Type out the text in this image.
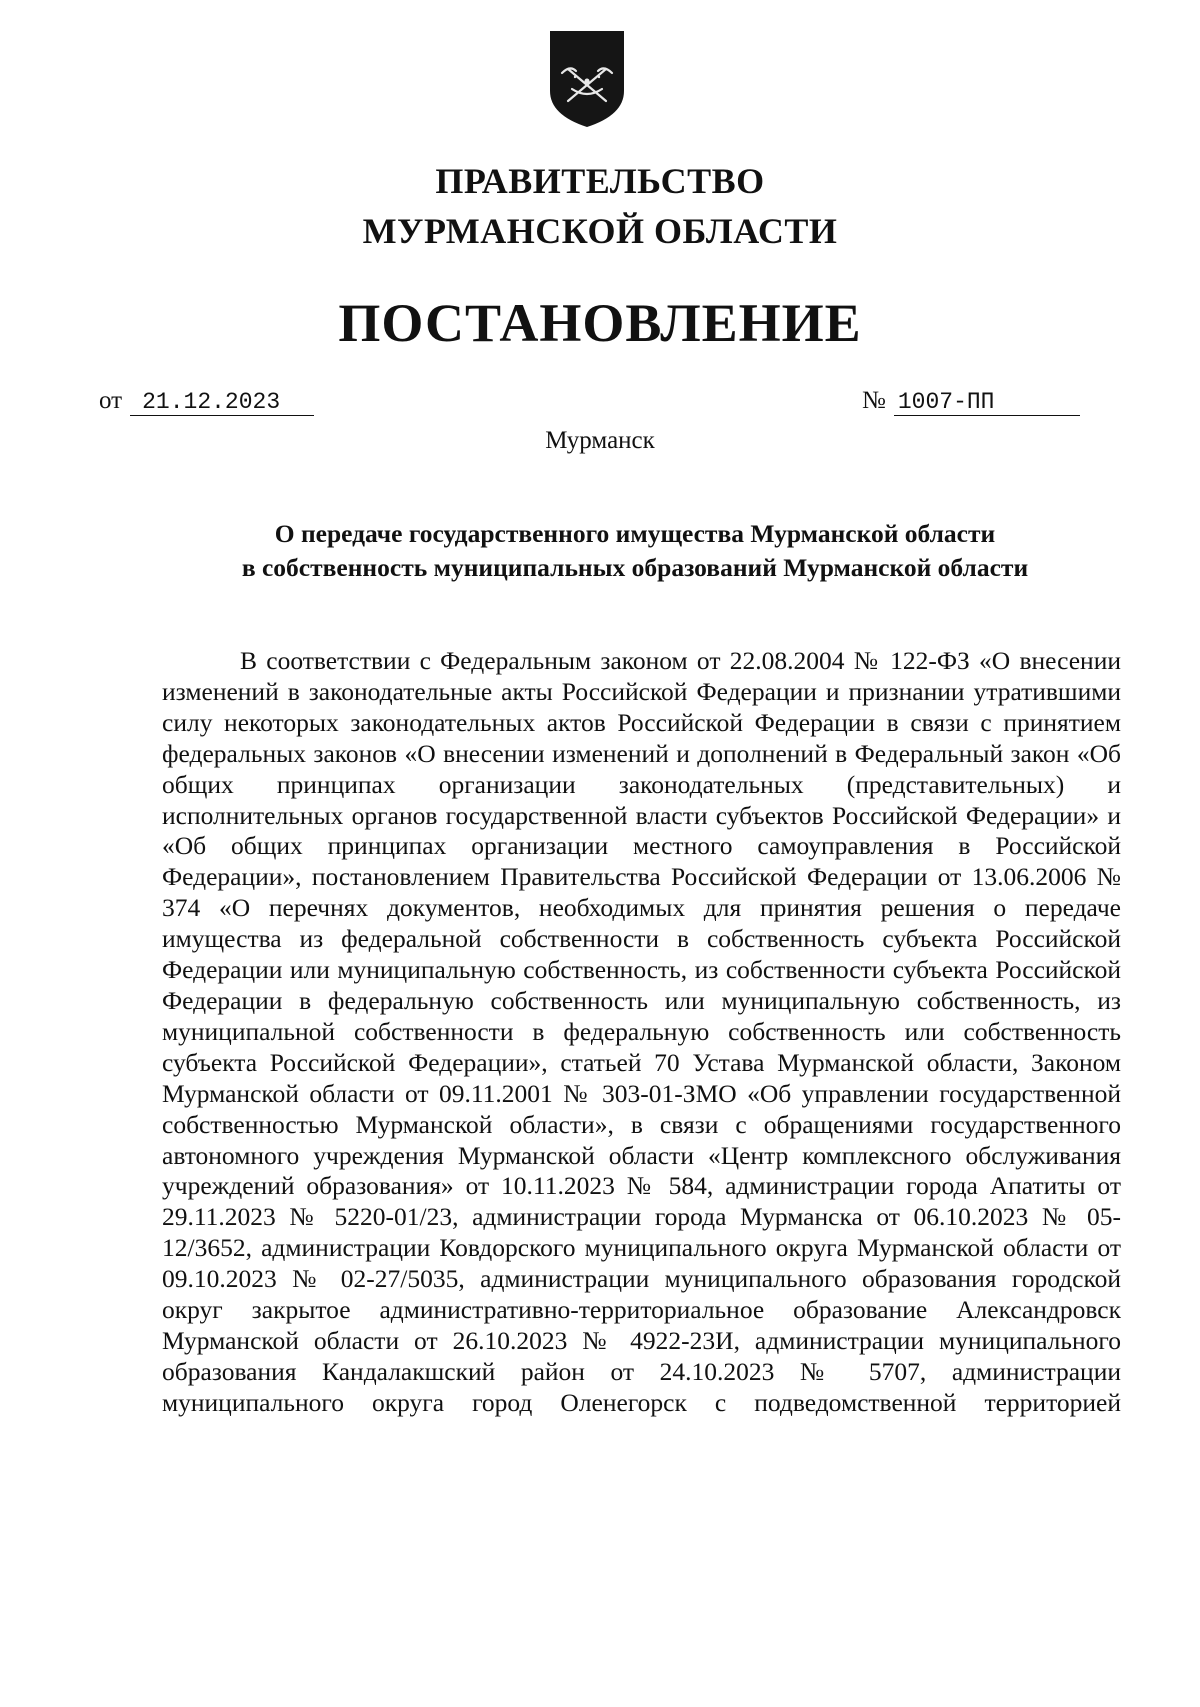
ПРАВИТЕЛЬСТВО
МУРМАНСКОЙ ОБЛАСТИ
ПОСТАНОВЛЕНИЕ
от 21.12.2023	№ 1007-ПП
Мурманск
О передаче государственного имущества Мурманской области
в собственность муниципальных образований Мурманской области

В соответствии с Федеральным законом от 22.08.2004 № 122-ФЗ «О внесении изменений в законодательные акты Российской Федерации и признании утратившими силу некоторых законодательных актов Российской Федерации в связи с принятием федеральных законов «О внесении изменений и дополнений в Федеральный закон «Об общих принципах организации законодательных (представительных) и исполнительных органов государственной власти субъектов Российской Федерации» и «Об общих принципах организации местного самоуправления в Российской Федерации», постановлением Правительства Российской Федерации от 13.06.2006 № 374 «О перечнях документов, необходимых для принятия решения о передаче имущества из федеральной собственности в собственность субъекта Российской Федерации или муниципальную собственность, из собственности субъекта Российской Федерации в федеральную собственность или муниципальную собственность, из муниципальной собственности в федеральную собственность или собственность субъекта Российской Федерации», статьей 70 Устава Мурманской области, Законом Мурманской области от 09.11.2001 № 303-01-ЗМО «Об управлении государственной собственностью Мурманской области», в связи с обращениями государственного автономного учреждения Мурманской области «Центр комплексного обслуживания учреждений образования» от 10.11.2023 № 584, администрации города Апатиты от 29.11.2023 № 5220-01/23, администрации города Мурманска от 06.10.2023 № 05-12/3652, администрации Ковдорского муниципального округа Мурманской области от 09.10.2023 № 02-27/5035, администрации муниципального образования городской округ закрытое административно-территориальное образование Александровск Мурманской области от 26.10.2023 № 4922-23И, администрации муниципального образования Кандалакшский район от 24.10.2023 № 5707, администрации муниципального округа город Оленегорск с подведомственной территорией
